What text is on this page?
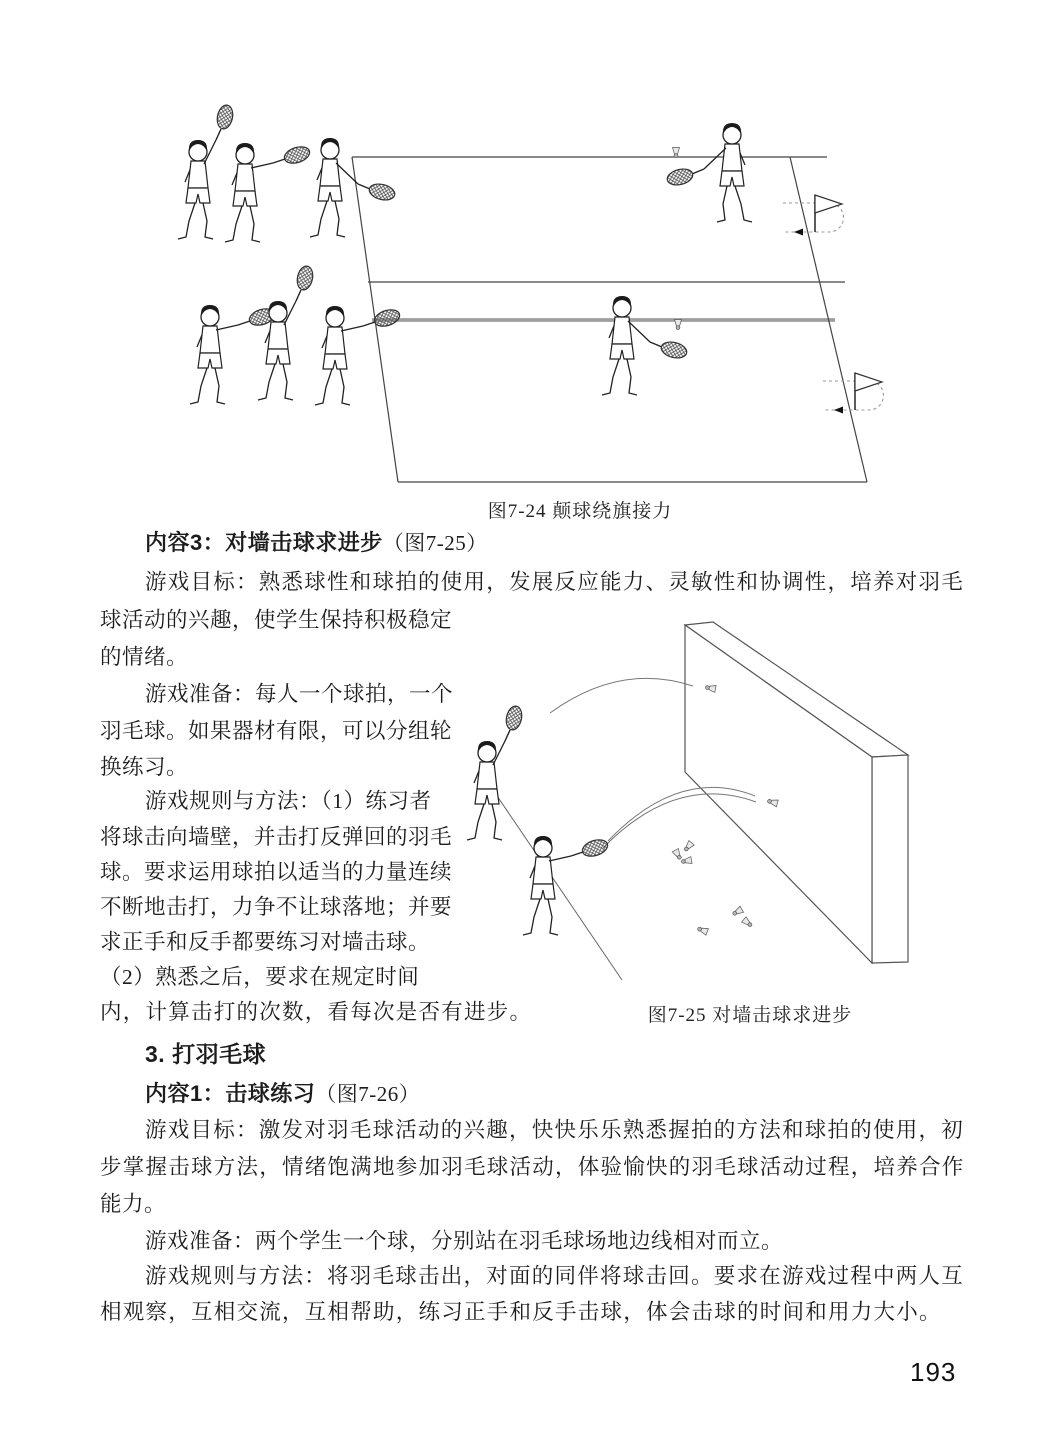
图7-24 颠球绕旗接力
内容3：对墙击球求进步（图7-25）
游戏目标：熟悉球性和球拍的使用，发展反应能力、灵敏性和协调性，培养对羽毛
球活动的兴趣，使学生保持积极稳定
的情绪。
游戏准备：每人一个球拍，一个
羽毛球。如果器材有限，可以分组轮
换练习。
游戏规则与方法：（1）练习者
将球击向墙壁，并击打反弹回的羽毛
球。要求运用球拍以适当的力量连续
不断地击打，力争不让球落地；并要
求正手和反手都要练习对墙击球。
（2）熟悉之后，要求在规定时间
内，计算击打的次数，看每次是否有进步。	图7-25 对墙击球求进步
3. 打羽毛球
内容1：击球练习（图7-26）
游戏目标：激发对羽毛球活动的兴趣，快快乐乐熟悉握拍的方法和球拍的使用，初
步掌握击球方法，情绪饱满地参加羽毛球活动，体验愉快的羽毛球活动过程，培养合作
能力。
游戏准备：两个学生一个球，分别站在羽毛球场地边线相对而立。
游戏规则与方法：将羽毛球击出，对面的同伴将球击回。要求在游戏过程中两人互
相观察，互相交流，互相帮助，练习正手和反手击球，体会击球的时间和用力大小。
193
